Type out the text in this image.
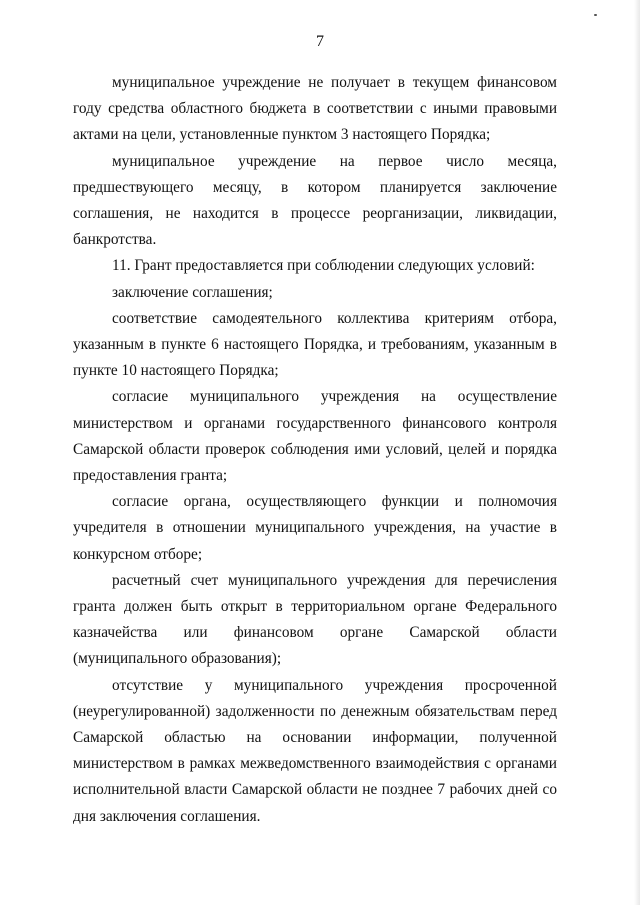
7

муниципальное учреждение не получает в текущем финансовом году средства областного бюджета в соответствии с иными правовыми актами на цели, установленные пунктом 3 настоящего Порядка;

муниципальное учреждение на первое число месяца, предшествующего месяцу, в котором планируется заключение соглашения, не находится в процессе реорганизации, ликвидации, банкротства.

11. Грант предоставляется при соблюдении следующих условий:

заключение соглашения;

соответствие самодеятельного коллектива критериям отбора, указанным в пункте 6 настоящего Порядка, и требованиям, указанным в пункте 10 настоящего Порядка;

согласие муниципального учреждения на осуществление министерством и органами государственного финансового контроля Самарской области проверок соблюдения ими условий, целей и порядка предоставления гранта;

согласие органа, осуществляющего функции и полномочия учредителя в отношении муниципального учреждения, на участие в конкурсном отборе;

расчетный счет муниципального учреждения для перечисления гранта должен быть открыт в территориальном органе Федерального казначейства или финансовом органе Самарской области (муниципального образования);

отсутствие у муниципального учреждения просроченной (неурегулированной) задолженности по денежным обязательствам перед Самарской областью на основании информации, полученной министерством в рамках межведомственного взаимодействия с органами исполнительной власти Самарской области не позднее 7 рабочих дней со дня заключения соглашения.
